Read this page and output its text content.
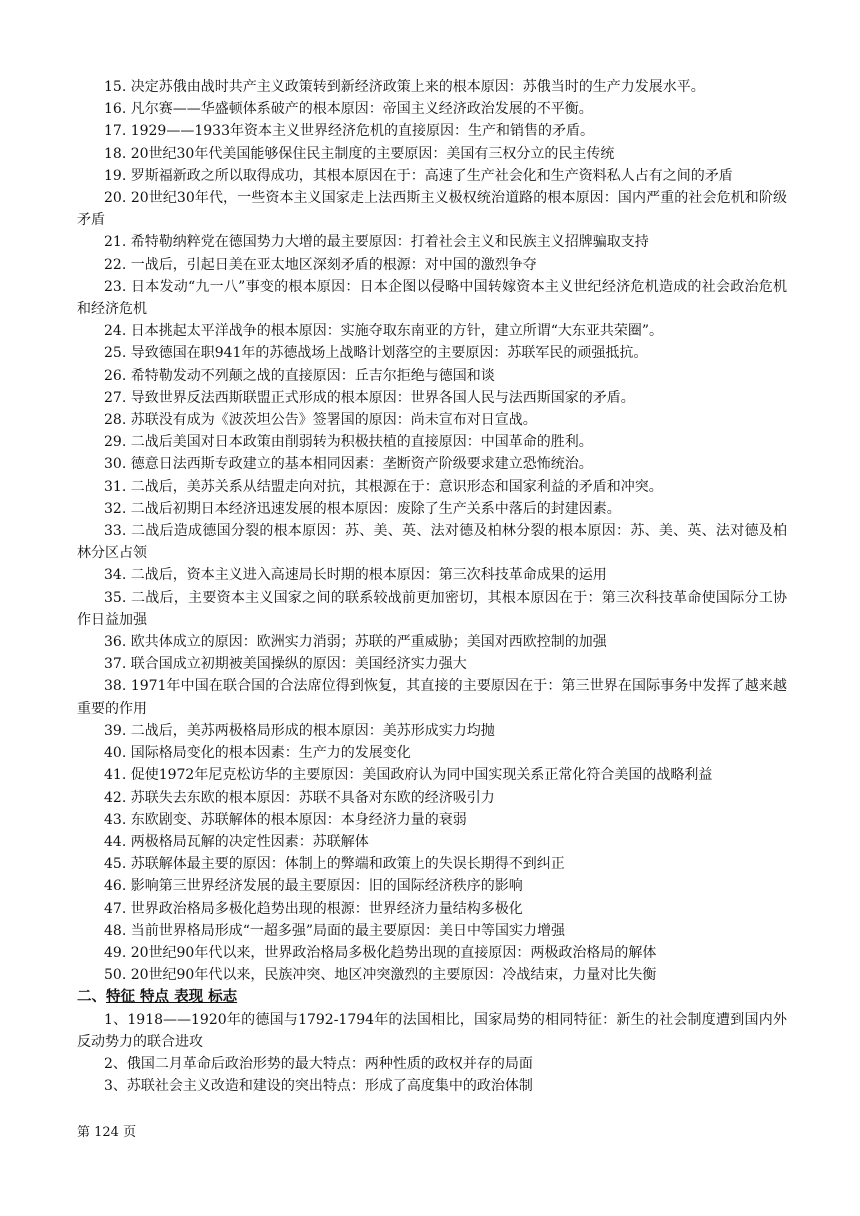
15. 决定苏俄由战时共产主义政策转到新经济政策上来的根本原因：苏俄当时的生产力发展水平。

16. 凡尔赛——华盛顿体系破产的根本原因：帝国主义经济政治发展的不平衡。

17. 1929——1933年资本主义世界经济危机的直接原因：生产和销售的矛盾。

18. 20世纪30年代美国能够保住民主制度的主要原因：美国有三权分立的民主传统

19. 罗斯福新政之所以取得成功，其根本原因在于：高速了生产社会化和生产资料私人占有之间的矛盾

20. 20世纪30年代，一些资本主义国家走上法西斯主义极权统治道路的根本原因：国内严重的社会危机和阶级矛盾

21. 希特勒纳粹党在德国势力大增的最主要原因：打着社会主义和民族主义招牌骗取支持

22. 一战后，引起日美在亚太地区深刻矛盾的根源：对中国的激烈争夺

23. 日本发动“九一八”事变的根本原因：日本企图以侵略中国转嫁资本主义世纪经济危机造成的社会政治危机和经济危机

24. 日本挑起太平洋战争的根本原因：实施夺取东南亚的方针，建立所谓“大东亚共荣圈”。

25. 导致德国在职941年的苏德战场上战略计划落空的主要原因：苏联军民的顽强抵抗。

26. 希特勒发动不列颠之战的直接原因：丘吉尔拒绝与德国和谈

27. 导致世界反法西斯联盟正式形成的根本原因：世界各国人民与法西斯国家的矛盾。

28. 苏联没有成为《波茨坦公告》签署国的原因：尚未宣布对日宣战。

29. 二战后美国对日本政策由削弱转为积极扶植的直接原因：中国革命的胜利。

30. 德意日法西斯专政建立的基本相同因素：垄断资产阶级要求建立恐怖统治。

31. 二战后，美苏关系从结盟走向对抗，其根源在于：意识形态和国家利益的矛盾和冲突。

32. 二战后初期日本经济迅速发展的根本原因：废除了生产关系中落后的封建因素。

33. 二战后造成德国分裂的根本原因：苏、美、英、法对德及柏林分裂的根本原因：苏、美、英、法对德及柏林分区占领

34. 二战后，资本主义进入高速局长时期的根本原因：第三次科技革命成果的运用

35. 二战后，主要资本主义国家之间的联系较战前更加密切，其根本原因在于：第三次科技革命使国际分工协作日益加强

36. 欧共体成立的原因：欧洲实力消弱；苏联的严重威胁；美国对西欧控制的加强

37. 联合国成立初期被美国操纵的原因：美国经济实力强大

38. 1971年中国在联合国的合法席位得到恢复，其直接的主要原因在于：第三世界在国际事务中发挥了越来越重要的作用

39. 二战后，美苏两极格局形成的根本原因：美苏形成实力均抛

40. 国际格局变化的根本因素：生产力的发展变化

41. 促使1972年尼克松访华的主要原因：美国政府认为同中国实现关系正常化符合美国的战略利益

42. 苏联失去东欧的根本原因：苏联不具备对东欧的经济吸引力

43. 东欧剧变、苏联解体的根本原因：本身经济力量的衰弱

44. 两极格局瓦解的决定性因素：苏联解体

45. 苏联解体最主要的原因：体制上的弊端和政策上的失误长期得不到纠正

46. 影响第三世界经济发展的最主要原因：旧的国际经济秩序的影响

47. 世界政治格局多极化趋势出现的根源：世界经济力量结构多极化

48. 当前世界格局形成“一超多强”局面的最主要原因：美日中等国实力增强

49. 20世纪90年代以来，世界政治格局多极化趋势出现的直接原因：两极政治格局的解体

50. 20世纪90年代以来，民族冲突、地区冲突激烈的主要原因：冷战结束，力量对比失衡

二、特征 特点 表现 标志

1、1918——1920年的德国与1792-1794年的法国相比，国家局势的相同特征：新生的社会制度遭到国内外反动势力的联合进攻

2、俄国二月革命后政治形势的最大特点：两种性质的政权并存的局面

3、苏联社会主义改造和建设的突出特点：形成了高度集中的政治体制

第 124 页
